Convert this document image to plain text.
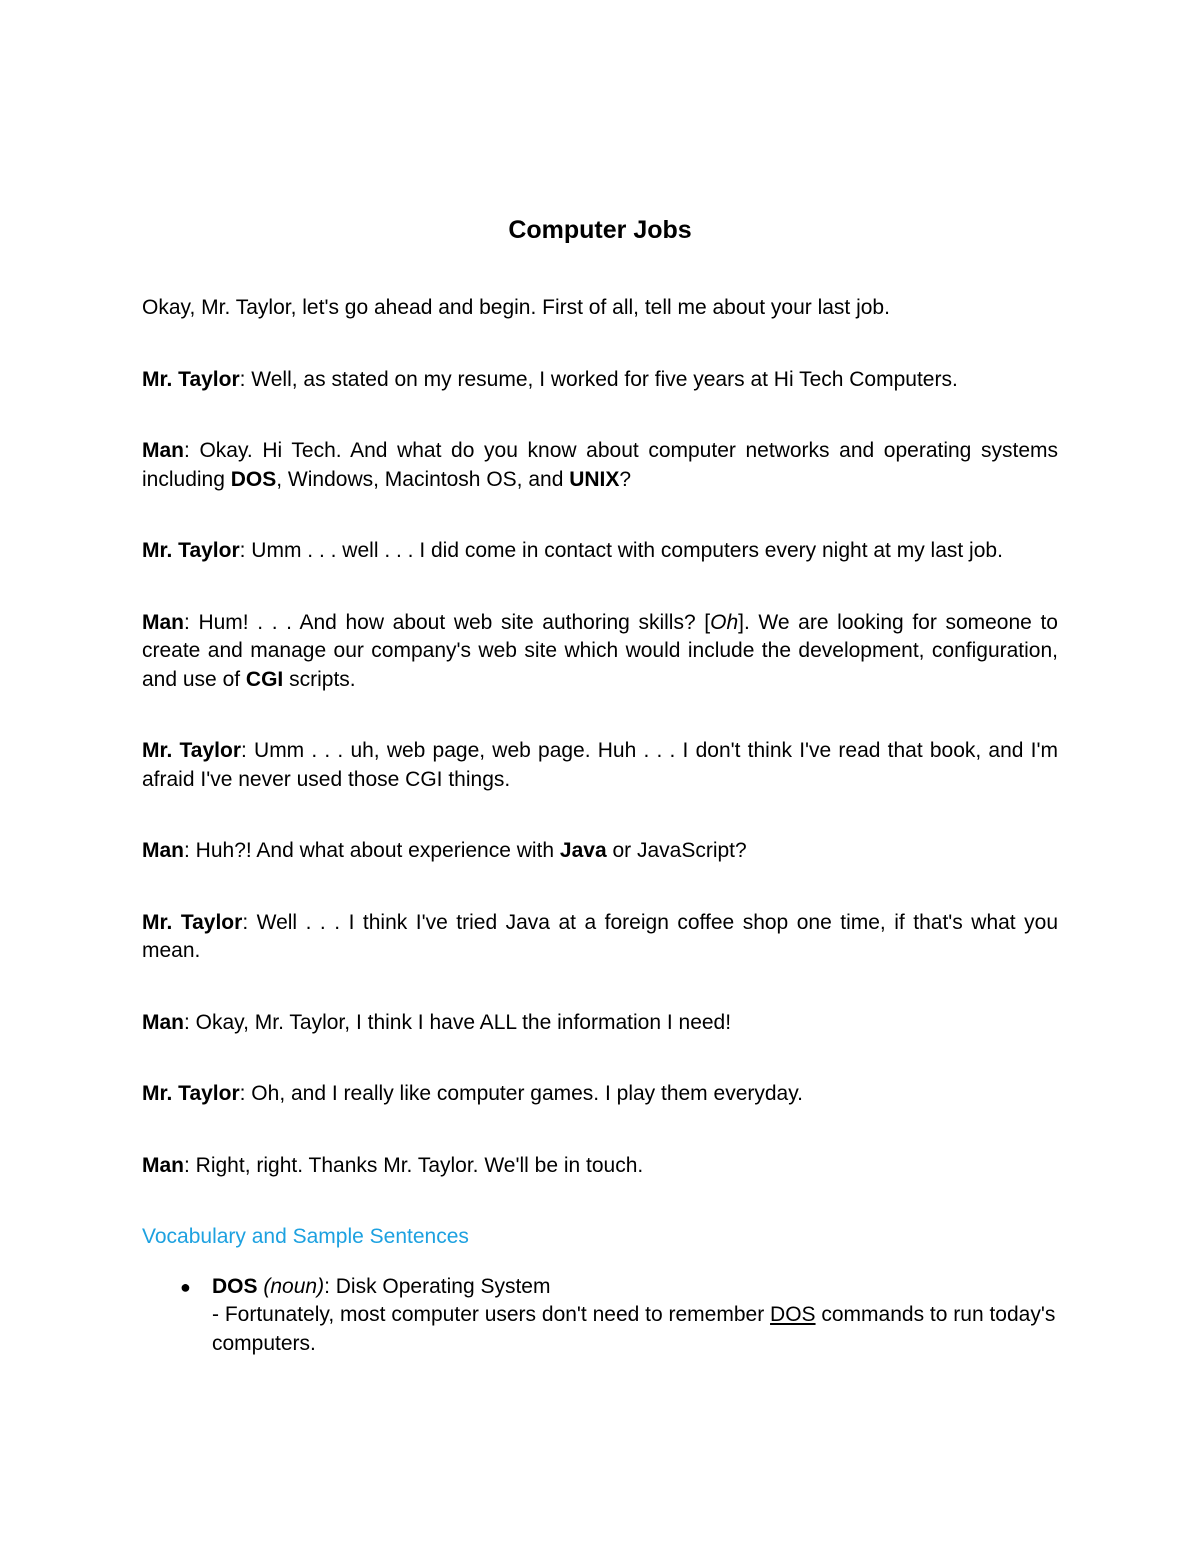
Computer Jobs

Okay, Mr. Taylor, let's go ahead and begin. First of all, tell me about your last job.

Mr. Taylor: Well, as stated on my resume, I worked for five years at Hi Tech Computers.

Man: Okay. Hi Tech. And what do you know about computer networks and operating systems including DOS, Windows, Macintosh OS, and UNIX?

Mr. Taylor: Umm . . . well . . . I did come in contact with computers every night at my last job.

Man: Hum! . . . And how about web site authoring skills? [Oh]. We are looking for someone to create and manage our company's web site which would include the development, configuration, and use of CGI scripts.

Mr. Taylor: Umm . . . uh, web page, web page. Huh . . . I don't think I've read that book, and I'm afraid I've never used those CGI things.

Man: Huh?! And what about experience with Java or JavaScript?

Mr. Taylor: Well . . . I think I've tried Java at a foreign coffee shop one time, if that's what you mean.

Man: Okay, Mr. Taylor, I think I have ALL the information I need!

Mr. Taylor: Oh, and I really like computer games. I play them everyday.

Man: Right, right. Thanks Mr. Taylor. We'll be in touch.

Vocabulary and Sample Sentences
● DOS (noun): Disk Operating System
- Fortunately, most computer users don't need to remember DOS commands to run today's computers.
